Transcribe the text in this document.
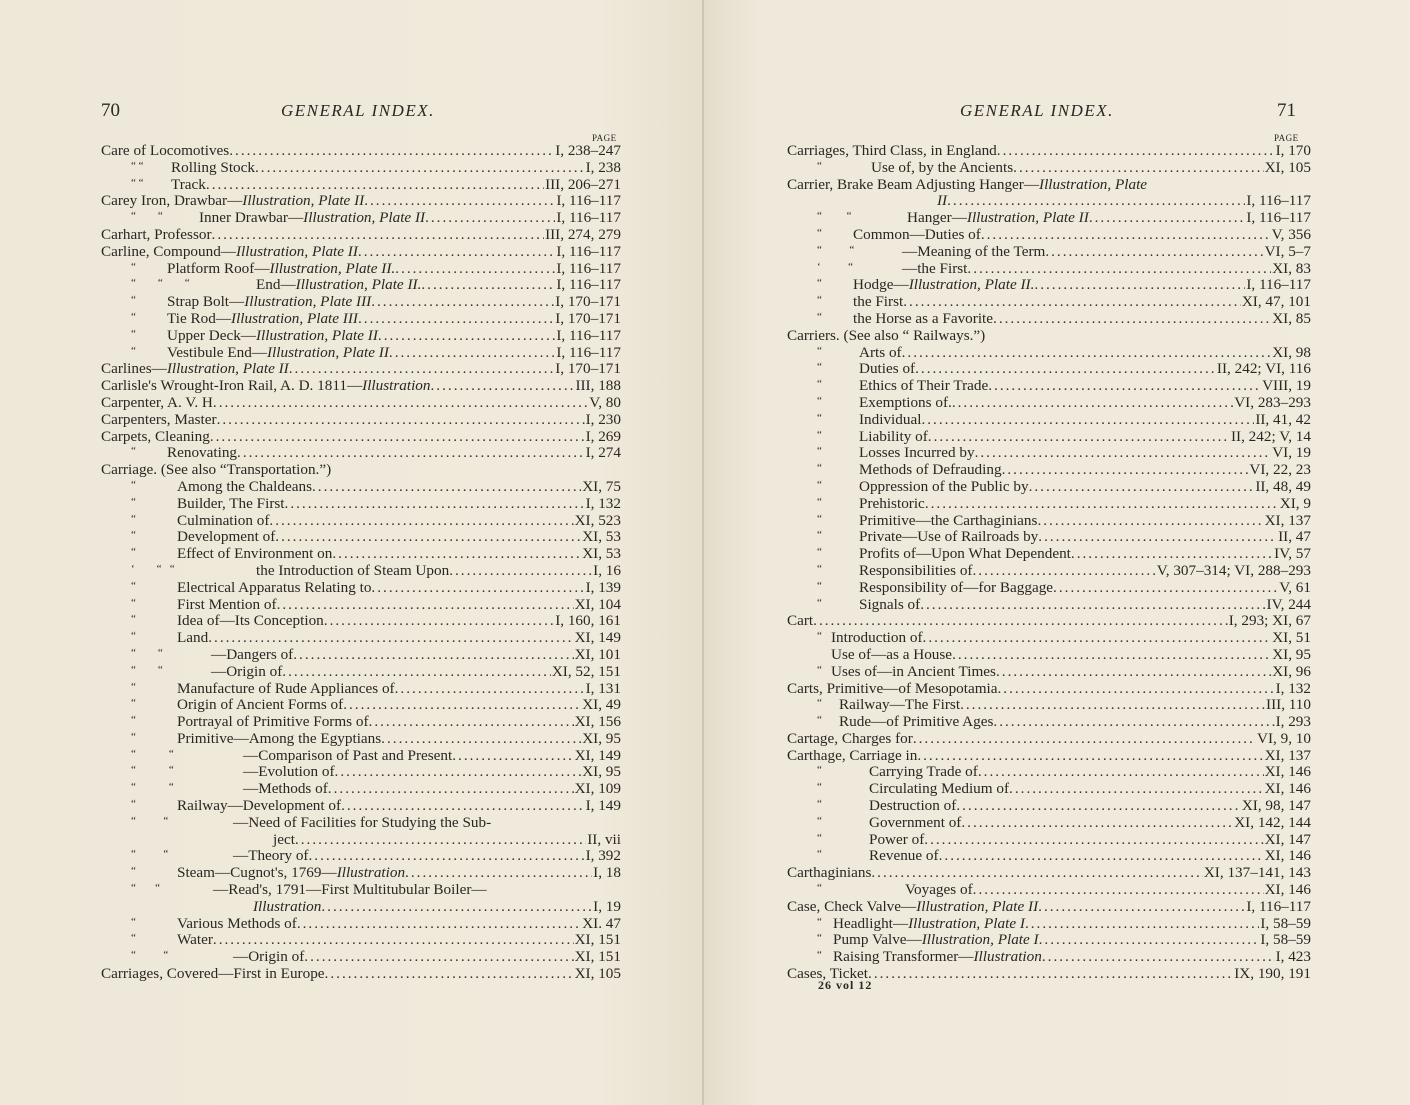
70	GENERAL INDEX.
PAGE
Care of Locomotives .....	I, 238–247
“ “	Rolling Stock .....	I, 238
“ “	Track .....	III, 206–271
Carey Iron, Drawbar—Illustration, Plate II .....	I, 116–117
“        “	Inner Drawbar—Illustration, Plate II .....	I, 116–117
Carhart, Professor .....	III, 274, 279
Carline, Compound—Illustration, Plate II .....	I, 116–117
“	Platform Roof—Illustration, Plate II. .....	I, 116–117
“        “        “	End—Illustration, Plate II. .....	I, 116–117
“	Strap Bolt—Illustration, Plate III .....	I, 170–171
“	Tie Rod—Illustration, Plate III .....	I, 170–171
“	Upper Deck—Illustration, Plate II .....	I, 116–117
“	Vestibule End—Illustration, Plate II .....	I, 116–117
Carlines—Illustration, Plate II .....	I, 170–171
Carlisle's Wrought-Iron Rail, A. D. 1811—Illustration .....	III, 188
Carpenter, A. V. H .....	V, 80
Carpenters, Master .....	I, 230
Carpets, Cleaning .....	I, 269
“	Renovating .....	I, 274
Carriage. (See also “Transportation.”)
“	Among the Chaldeans .....	XI, 75
“	Builder, The First .....	I, 132
“	Culmination of .....	XI, 523
“	Development of .....	XI, 53
“	Effect of Environment on .....	XI, 53
‘        “   “	the Introduction of Steam Upon .....	I, 16
“	Electrical Apparatus Relating to .....	I, 139
“	First Mention of .....	XI, 104
“	Idea of—Its Conception .....	I, 160, 161
“	Land .....	XI, 149
“        “	—Dangers of .....	XI, 101
“        “	—Origin of .....	XI, 52, 151
“	Manufacture of Rude Appliances of .....	I, 131
“	Origin of Ancient Forms of .....	XI, 49
“	Portrayal of Primitive Forms of .....	XI, 156
“	Primitive—Among the Egyptians .....	XI, 95
“            “	—Comparison of Past and Present .....	XI, 149
“            “	—Evolution of .....	XI, 95
“            “	—Methods of .....	XI, 109
“	Railway—Development of .....	I, 149
“          “	—Need of Facilities for Studying the Sub-
ject .....	II, vii
“          “	—Theory of .....	I, 392
“	Steam—Cugnot's, 1769—Illustration .....	I, 18
“       “	—Read's, 1791—First Multitubular Boiler—
Illustration .....	I, 19
“	Various Methods of .....	XI. 47
“	Water .....	XI, 151
“          “	—Origin of .....	XI, 151
Carriages, Covered—First in Europe .....	XI, 105
GENERAL INDEX.	71
PAGE
Carriages, Third Class, in England .....	I, 170
“	Use of, by the Ancients .....	XI, 105
Carrier, Brake Beam Adjusting Hanger—Illustration, Plate
II .....	I, 116–117
“         “	Hanger—Illustration, Plate II .....	I, 116–117
“	Common—Duties of .....	V, 356
“          “	—Meaning of the Term .....	VI, 5–7
‘          “	—the First .....	XI, 83
“	Hodge—Illustration, Plate II. .....	I, 116–117
“	the First .....	XI, 47, 101
“	the Horse as a Favorite .....	XI, 85
Carriers. (See also “ Railways.”)
“	Arts of .....	XI, 98
“	Duties of .....	II, 242; VI, 116
“	Ethics of Their Trade .....	VIII, 19
“	Exemptions of. .....	VI, 283–293
“	Individual .....	II, 41, 42
“	Liability of .....	II, 242; V, 14
“	Losses Incurred by .....	VI, 19
“	Methods of Defrauding .....	VI, 22, 23
“	Oppression of the Public by .....	II, 48, 49
“	Prehistoric .....	XI, 9
“	Primitive—the Carthaginians .....	XI, 137
“	Private—Use of Railroads by .....	II, 47
“	Profits of—Upon What Dependent .....	IV, 57
“	Responsibilities of .....	V, 307–314; VI, 288–293
“	Responsibility of—for Baggage .....	V, 61
“	Signals of .....	IV, 244
Cart .....	I, 293; XI, 67
“ Introduction of .....	XI, 51
Use of—as a House .....	XI, 95
“ Uses of—in Ancient Times .....	XI, 96
Carts, Primitive—of Mesopotamia .....	I, 132
“	Railway—The First .....	III, 110
“	Rude—of Primitive Ages .....	I, 293
Cartage, Charges for .....	VI, 9, 10
Carthage, Carriage in .....	XI, 137
“	Carrying Trade of .....	XI, 146
“	Circulating Medium of .....	XI, 146
“	Destruction of .....	XI, 98, 147
“	Government of .....	XI, 142, 144
“	Power of .....	XI, 147
“	Revenue of .....	XI, 146
Carthaginians .....	XI, 137–141, 143
“	Voyages of .....	XI, 146
Case, Check Valve—Illustration, Plate II .....	I, 116–117
“ Headlight—Illustration, Plate I .....	I, 58–59
“ Pump Valve—Illustration, Plate I .....	I, 58–59
“ Raising Transformer—Illustration .....	I, 423
Cases, Ticket .....	IX, 190, 191
26 vol 12
